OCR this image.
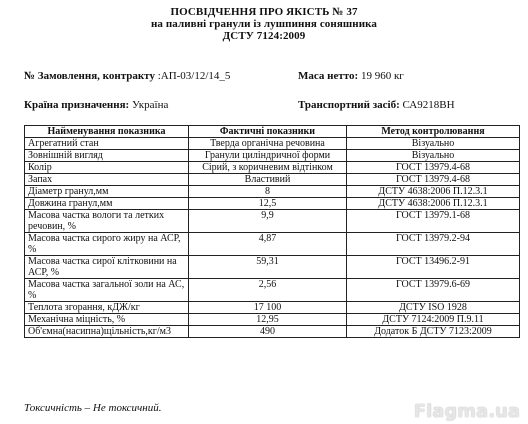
ПОСВІДЧЕННЯ ПРО ЯКІСТЬ № 37
на паливні гранули із лушпиння соняшника
ДСТУ 7124:2009
№ Замовлення, контракту :АП-03/12/14_5	Маса нетто: 19 960 кг
Країна призначення: Україна	Транспортний засіб: СА9218ВН
Найменування показника	Фактичні показники	Метод контролювання
Агрегатний стан	Тверда органічна речовина	Візуально
Зовнішній вигляд	Гранули циліндричної форми	Візуально
Колір	Сірий, з коричневим відтінком	ГОСТ 13979.4-68
Запах	Властивий	ГОСТ 13979.4-68
Діаметр гранул,мм	8	ДСТУ 4638:2006 П.12.3.1
Довжина гранул,мм	12,5	ДСТУ 4638:2006 П.12.3.1
Масова частка вологи та летких речовин, %	9,9	ГОСТ 13979.1-68
Масова частка сирого жиру на АСР, %	4,87	ГОСТ 13979.2-94
Масова частка сирої клітковини на АСР, %	59,31	ГОСТ 13496.2-91
Масова частка загальної золи на АС, %	2,56	ГОСТ 13979.6-69
Теплота згорання, кДЖ/кг	17 100	ДСТУ ISO 1928
Механічна міцність, %	12,95	ДСТУ 7124:2009 П.9.11
Об'ємна(насипна)щільність,кг/м3	490	Додаток Б ДСТУ 7123:2009
Токсичність – Не токсичний.	Flagma.ua
